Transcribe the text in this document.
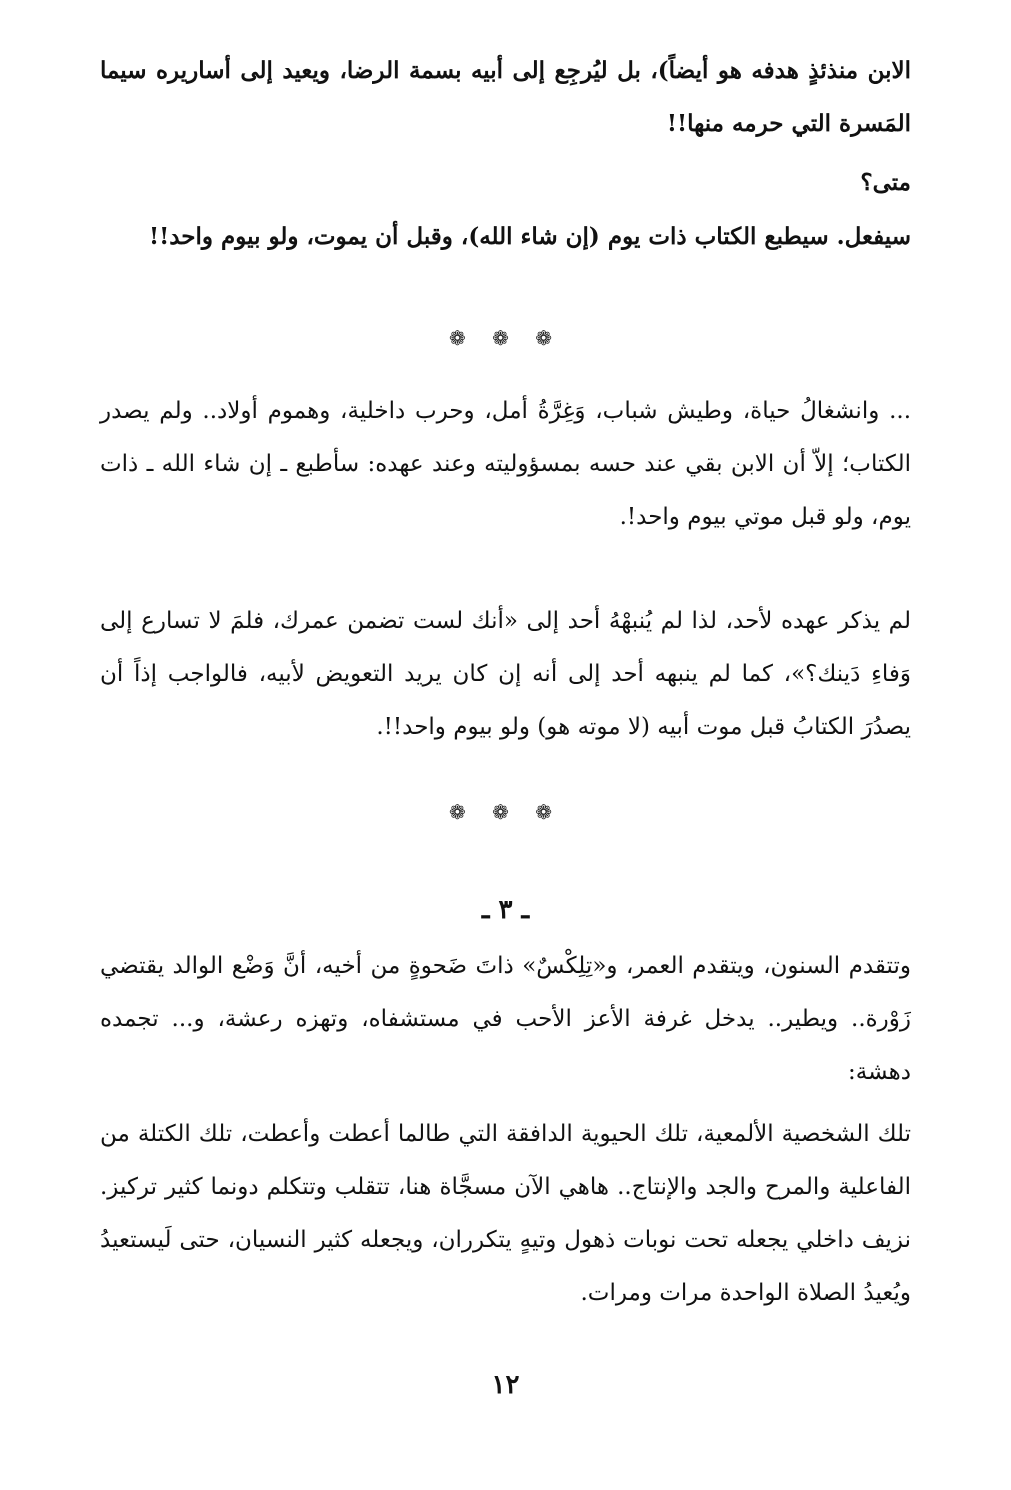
الابن منذئذٍ هدفه هو أيضاً)، بل ليُرجِع إلى أبيه بسمة الرضا، ويعيد إلى أساريره سيما المَسرة التي حرمه منها!!

متى؟

سيفعل. سيطبع الكتاب ذات يوم (إن شاء الله)، وقبل أن يموت، ولو بيوم واحد!!

❁ ❁ ❁

... وانشغالُ حياة، وطيش شباب، وَغِرَّةُ أمل، وحرب داخلية، وهموم أولاد.. ولم يصدر الكتاب؛ إلاّ أن الابن بقي عند حسه بمسؤوليته وعند عهده: سأطبع ـ إن شاء الله ـ ذات يوم، ولو قبل موتي بيوم واحد!.

لم يذكر عهده لأحد، لذا لم يُنبهْهُ أحد إلى «أنك لست تضمن عمرك، فلمَ لا تسارع إلى وَفاءِ دَينك؟»، كما لم ينبهه أحد إلى أنه إن كان يريد التعويض لأبيه، فالواجب إذاً أن يصدُرَ الكتابُ قبل موت أبيه (لا موته هو) ولو بيوم واحد!!.

❁ ❁ ❁
ـ ٣ ـ

وتتقدم السنون، ويتقدم العمر، و«تِلِكْسٌ» ذاتَ ضَحوةٍ من أخيه، أنَّ وَضْع الوالد يقتضي زَوْرة.. ويطير.. يدخل غرفة الأعز الأحب في مستشفاه، وتهزه رعشة، و... تجمده دهشة:

تلك الشخصية الألمعية، تلك الحيوية الدافقة التي طالما أعطت وأعطت، تلك الكتلة من الفاعلية والمرح والجد والإنتاج.. هاهي الآن مسجَّاة هنا، تتقلب وتتكلم دونما كثير تركيز. نزيف داخلي يجعله تحت نوبات ذهول وتيهٍ يتكرران، ويجعله كثير النسيان، حتى لَيستعيدُ ويُعيدُ الصلاة الواحدة مرات ومرات.

١٢
